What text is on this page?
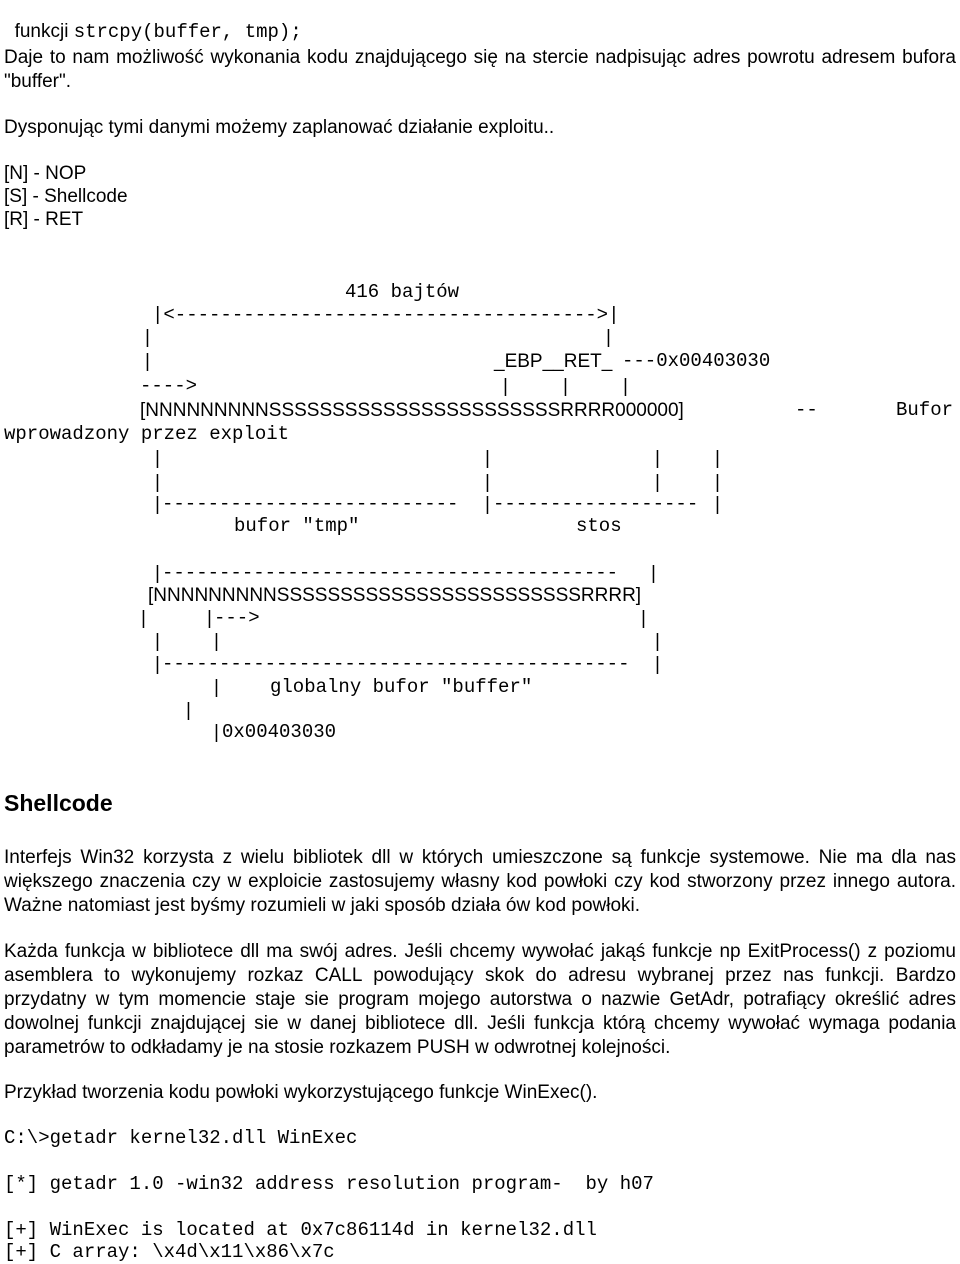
funkcji strcpy(buffer, tmp);

Daje to nam możliwość wykonania kodu znajdującego się na stercie nadpisując adres powrotu adresem bufora "buffer".
Dysponując tymi danymi możemy zaplanować działanie exploitu..
[N] - NOP
[S] - Shellcode
[R] - RET
416 bajtów
|<------------------------------------->|
|	|
|	_EBP__RET_ ---0x00403030
---->	|	|	|
[NNNNNNNNNSSSSSSSSSSSSSSSSSSSSSSSRRRR000000]	--	Bufor
wprowadzony przez exploit
|	|	|	|
|	|	|	|
| -------------------------- | ------------------ |
bufor "tmp"	stos
| ---------------------------------------- |
[NNNNNNNNNSSSSSSSSSSSSSSSSSSSSSSSSRRRR]
|	| --->	|
|	|	|
| ----------------------------------------- |
|	globalny bufor "buffer"
|
| 0x00403030
Shellcode
Interfejs Win32 korzysta z wielu bibliotek dll w których umieszczone są funkcje systemowe. Nie ma dla nas większego znaczenia czy w exploicie zastosujemy własny kod powłoki czy kod stworzony przez innego autora. Ważne natomiast jest byśmy rozumieli w jaki sposób działa ów kod powłoki.
Każda funkcja w bibliotece dll ma swój adres. Jeśli chcemy wywołać jakąś funkcje np ExitProcess() z poziomu asemblera to wykonujemy rozkaz CALL powodujący skok do adresu wybranej przez nas funkcji. Bardzo przydatny w tym momencie staje sie program mojego autorstwa o nazwie GetAdr, potrafiący określić adres dowolnej funkcji znajdującej sie w danej bibliotece dll. Jeśli funkcja którą chcemy wywołać wymaga podania parametrów to odkładamy je na stosie rozkazem PUSH w odwrotnej kolejności.
Przykład tworzenia kodu powłoki wykorzystującego funkcje WinExec().
C:\>getadr kernel32.dll WinExec
[*] getadr 1.0 -win32 address resolution program-  by h07
[+] WinExec is located at 0x7c86114d in kernel32.dll
[+] C array: \x4d\x11\x86\x7c
